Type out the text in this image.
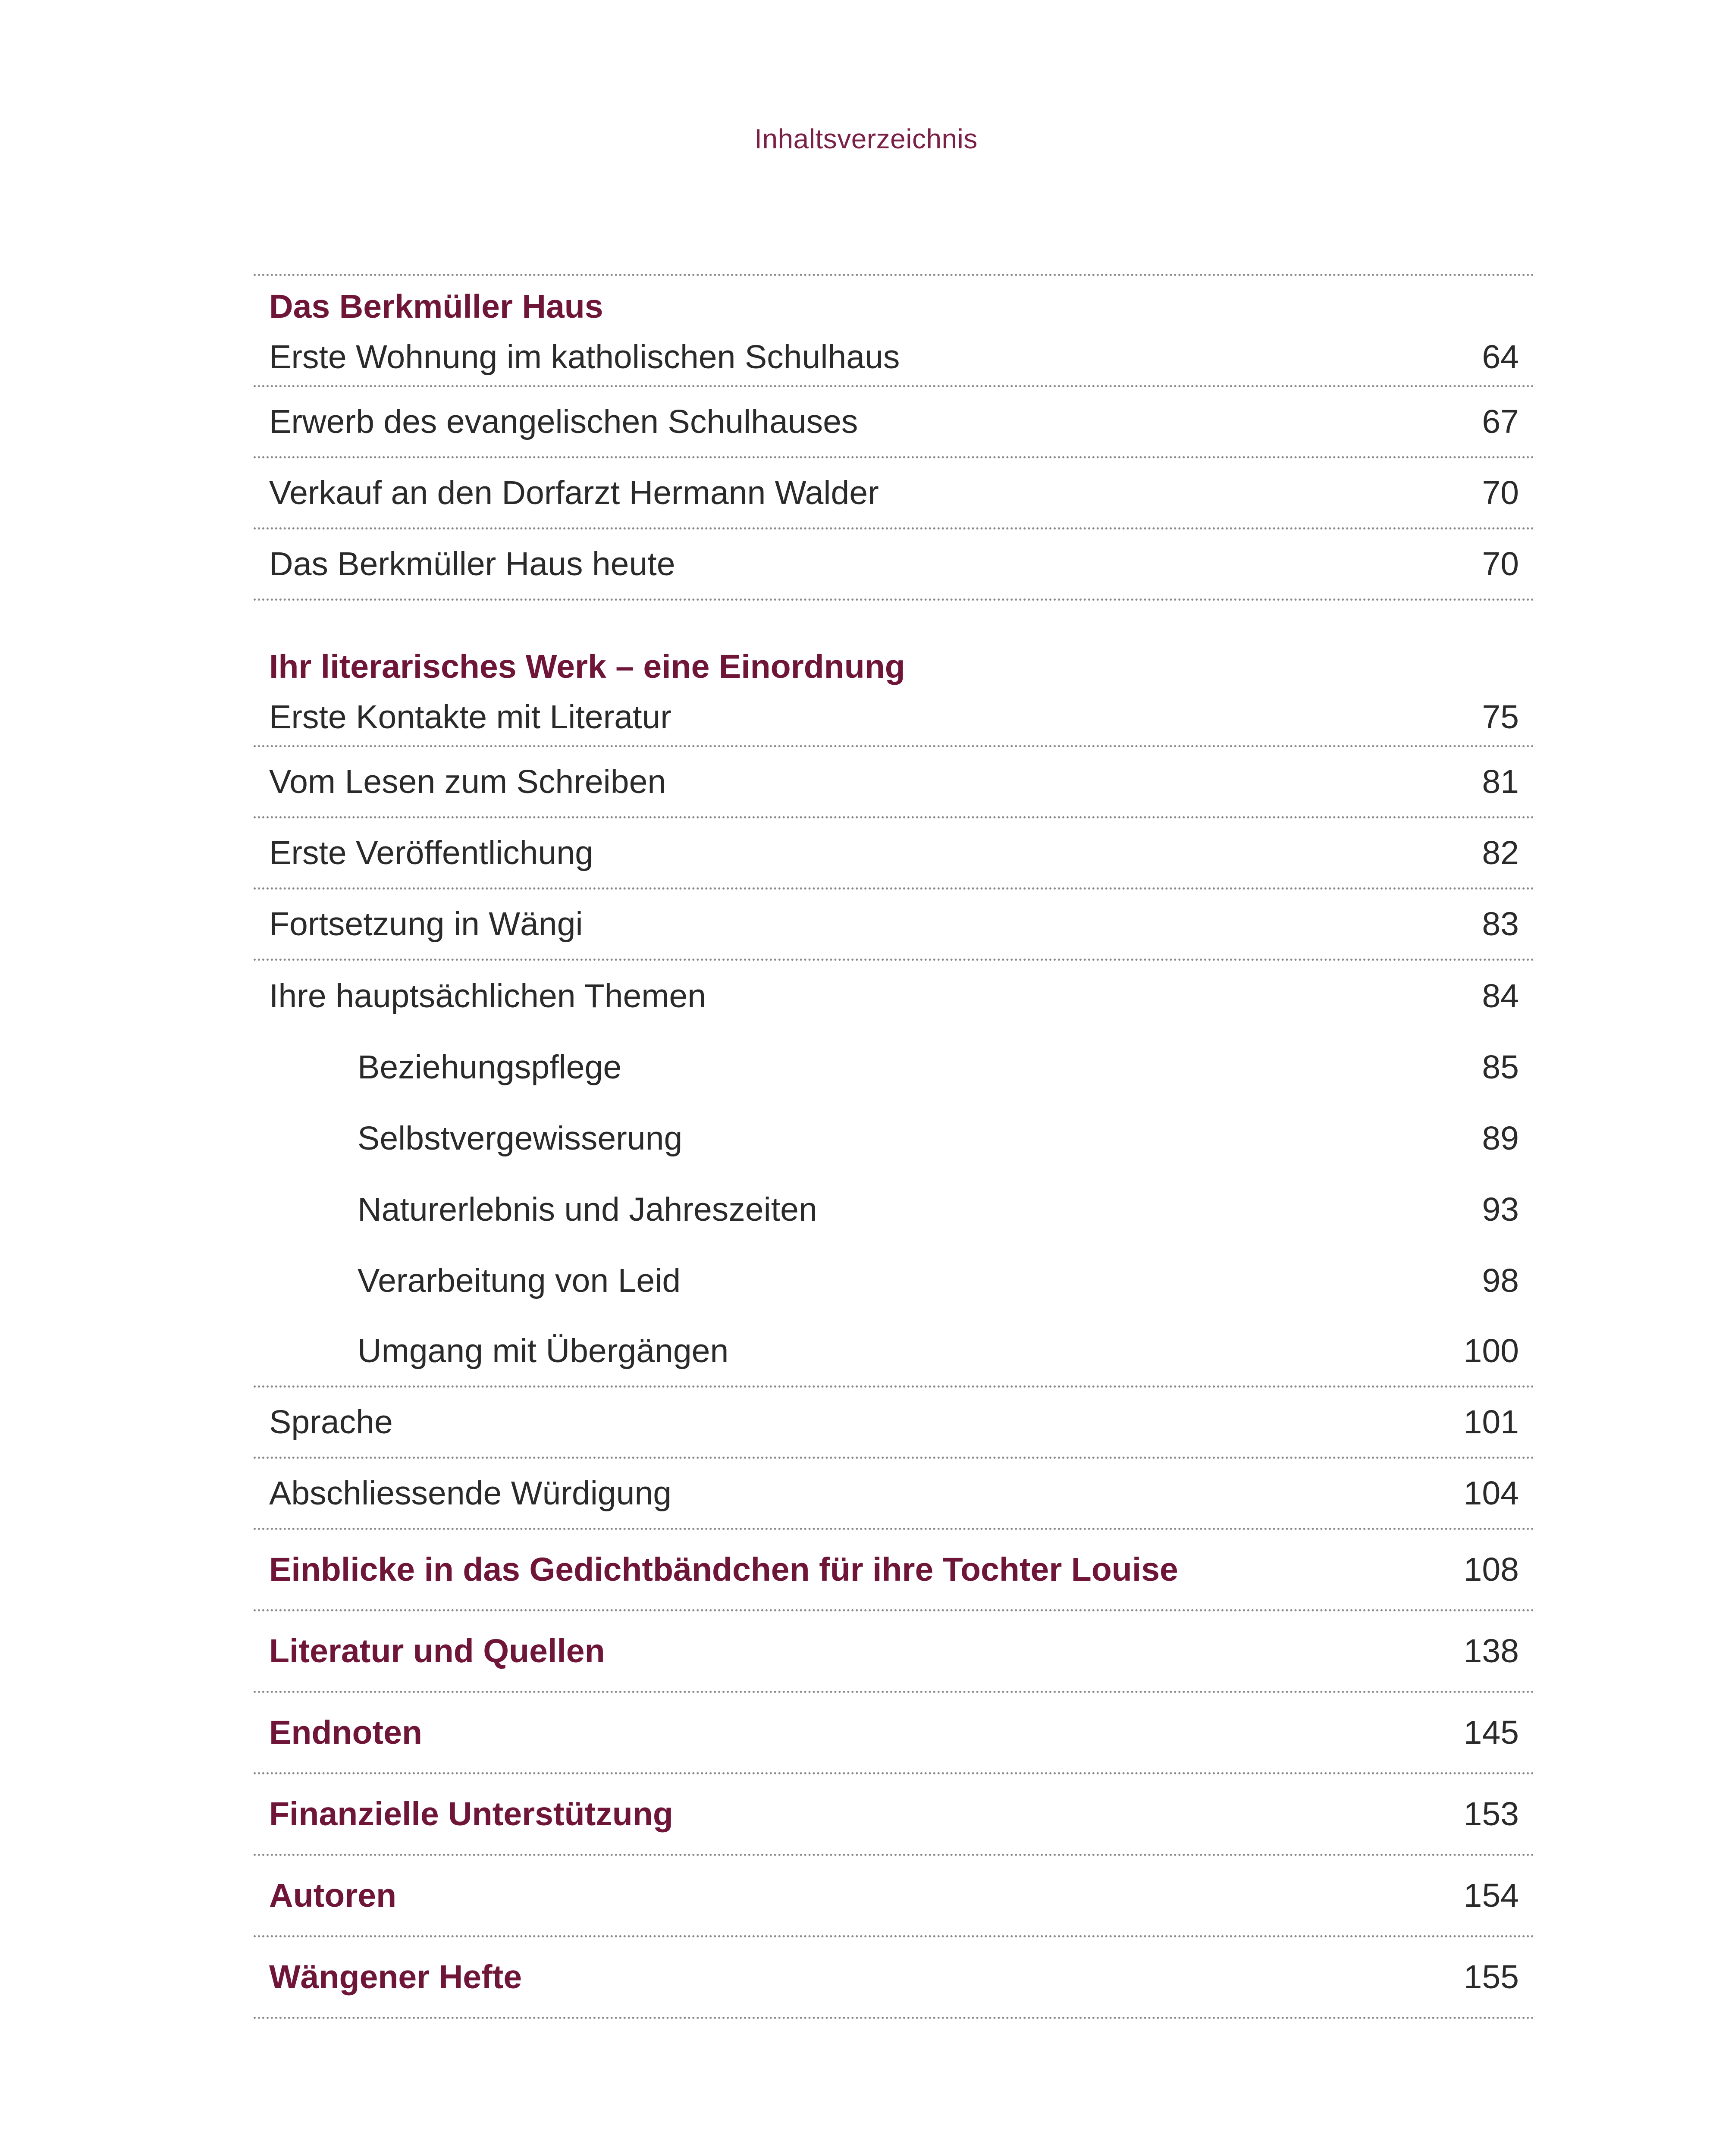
Inhaltsverzeichnis
Das Berkmüller Haus
Erste Wohnung im katholischen Schulhaus	64
Erwerb des evangelischen Schulhauses	67
Verkauf an den Dorfarzt Hermann Walder	70
Das Berkmüller Haus heute	70
Ihr literarisches Werk – eine Einordnung
Erste Kontakte mit Literatur	75
Vom Lesen zum Schreiben	81
Erste Veröffentlichung	82
Fortsetzung in Wängi	83
Ihre hauptsächlichen Themen	84
Beziehungspflege	85
Selbstvergewisserung	89
Naturerlebnis und Jahreszeiten	93
Verarbeitung von Leid	98
Umgang mit Übergängen	100
Sprache	101
Abschliessende Würdigung	104
Einblicke in das Gedichtbändchen für ihre Tochter Louise	108
Literatur und Quellen	138
Endnoten	145
Finanzielle Unterstützung	153
Autoren	154
Wängener Hefte	155
